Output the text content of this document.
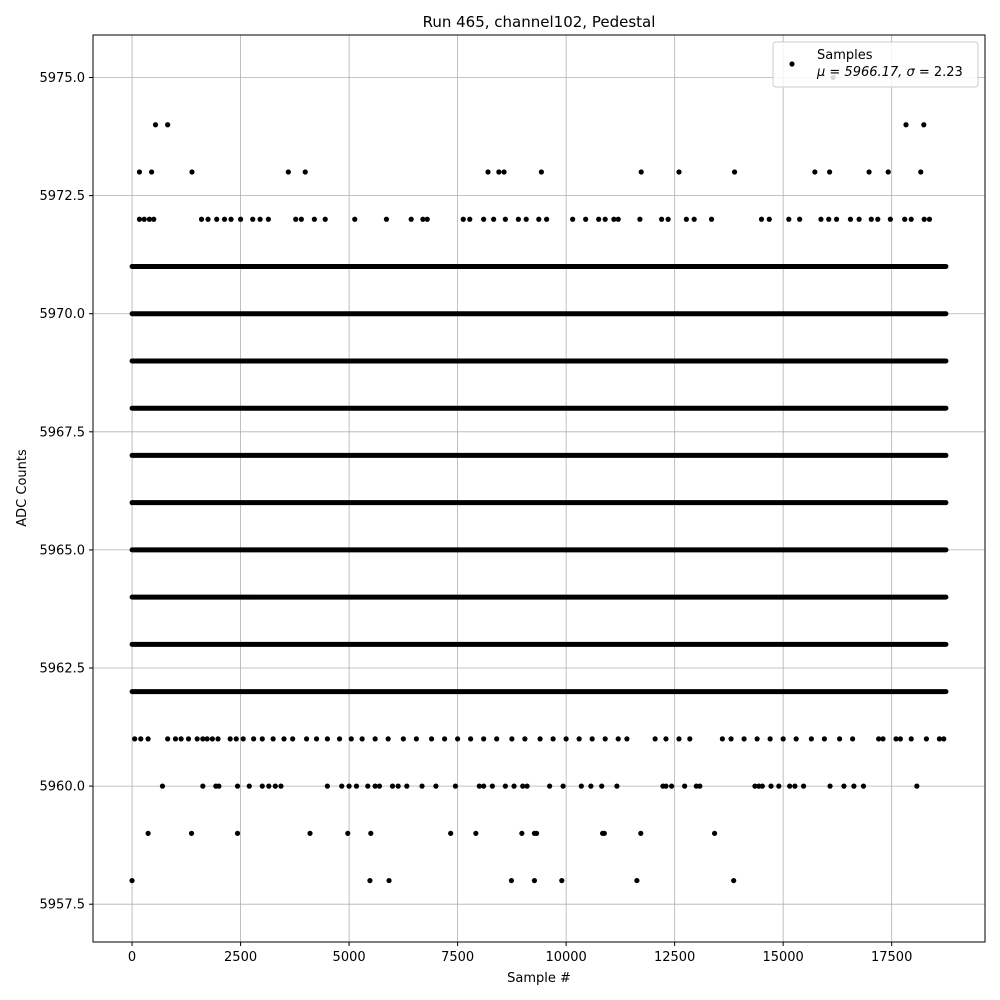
0	2500	5000	7500	10000	12500	15000	17500
5957.5
5960.0
5962.5
5965.0
5967.5
5970.0
5972.5
5975.0
Run 465, channel102, Pedestal
Sample #
ADC Counts
Samples
μ = 5966.17, σ = 2.23
